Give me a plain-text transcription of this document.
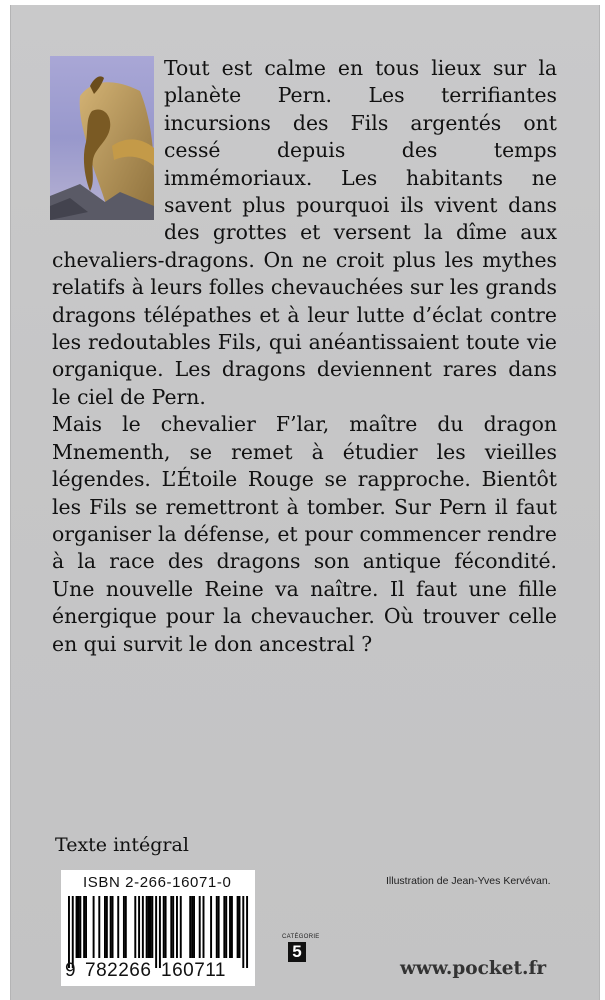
Tout est calme en tous lieux sur la planète Pern. Les terrifiantes incursions des Fils argentés ont cessé depuis des temps immémoriaux. Les habitants ne savent plus pourquoi ils vivent dans des grottes et versent la dîme aux chevaliers-dragons. On ne croit plus les mythes relatifs à leurs folles chevauchées sur les grands dragons télépathes et à leur lutte d’éclat contre les redoutables Fils, qui anéantissaient toute vie organique. Les dragons deviennent rares dans le ciel de Pern.

Mais le chevalier F’lar, maître du dragon Mnementh, se remet à étudier les vieilles légendes. L’Étoile Rouge se rapproche. Bientôt les Fils se remettront à tomber. Sur Pern il faut organiser la défense, et pour commencer rendre à la race des dragons son antique fécondité. Une nouvelle Reine va naître. Il faut une fille énergique pour la chevaucher. Où trouver celle en qui survit le don ancestral ?

Texte intégral

Illustration de Jean-Yves Kervévan.
ISBN 2-266-16071-0
9 782266 160711
CATÉGORIE
5
www.pocket.fr
